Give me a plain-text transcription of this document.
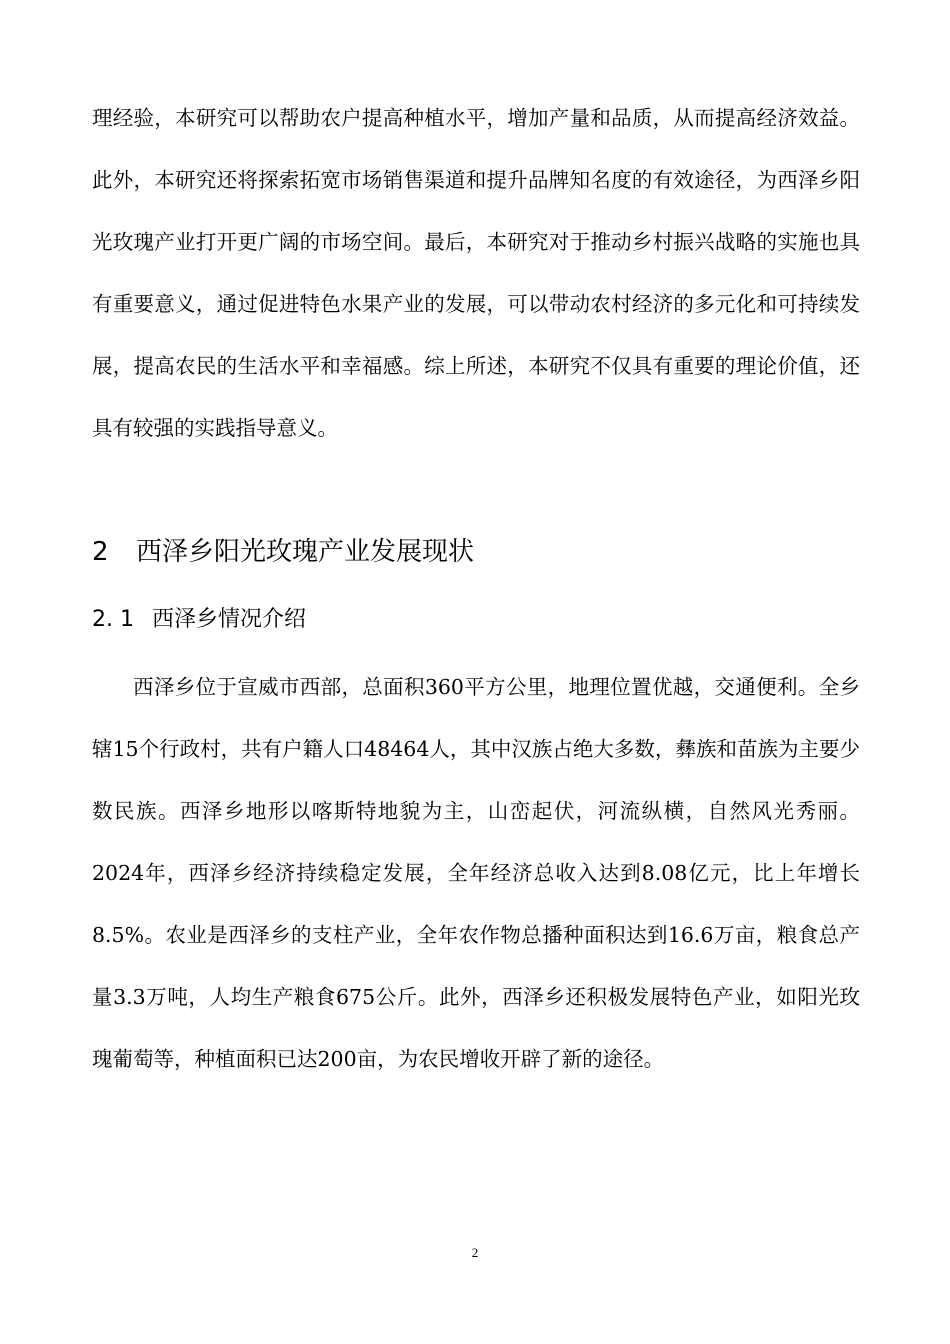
理经验，本研究可以帮助农户提高种植水平，增加产量和品质，从而提高经济效益。此外，本研究还将探索拓宽市场销售渠道和提升品牌知名度的有效途径，为西泽乡阳光玫瑰产业打开更广阔的市场空间。最后，本研究对于推动乡村振兴战略的实施也具有重要意义，通过促进特色水果产业的发展，可以带动农村经济的多元化和可持续发展，提高农民的生活水平和幸福感。综上所述，本研究不仅具有重要的理论价值，还具有较强的实践指导意义。

2 西泽乡阳光玫瑰产业发展现状
2. 1 西泽乡情况介绍

西泽乡位于宣威市西部，总面积360平方公里，地理位置优越，交通便利。全乡辖15个行政村，共有户籍人口48464人，其中汉族占绝大多数，彝族和苗族为主要少数民族。西泽乡地形以喀斯特地貌为主，山峦起伏，河流纵横，自然风光秀丽。2024年，西泽乡经济持续稳定发展，全年经济总收入达到8.08亿元，比上年增长8.5%。农业是西泽乡的支柱产业，全年农作物总播种面积达到16.6万亩，粮食总产量3.3万吨，人均生产粮食675公斤。此外，西泽乡还积极发展特色产业，如阳光玫瑰葡萄等，种植面积已达200亩，为农民增收开辟了新的途径。

2
